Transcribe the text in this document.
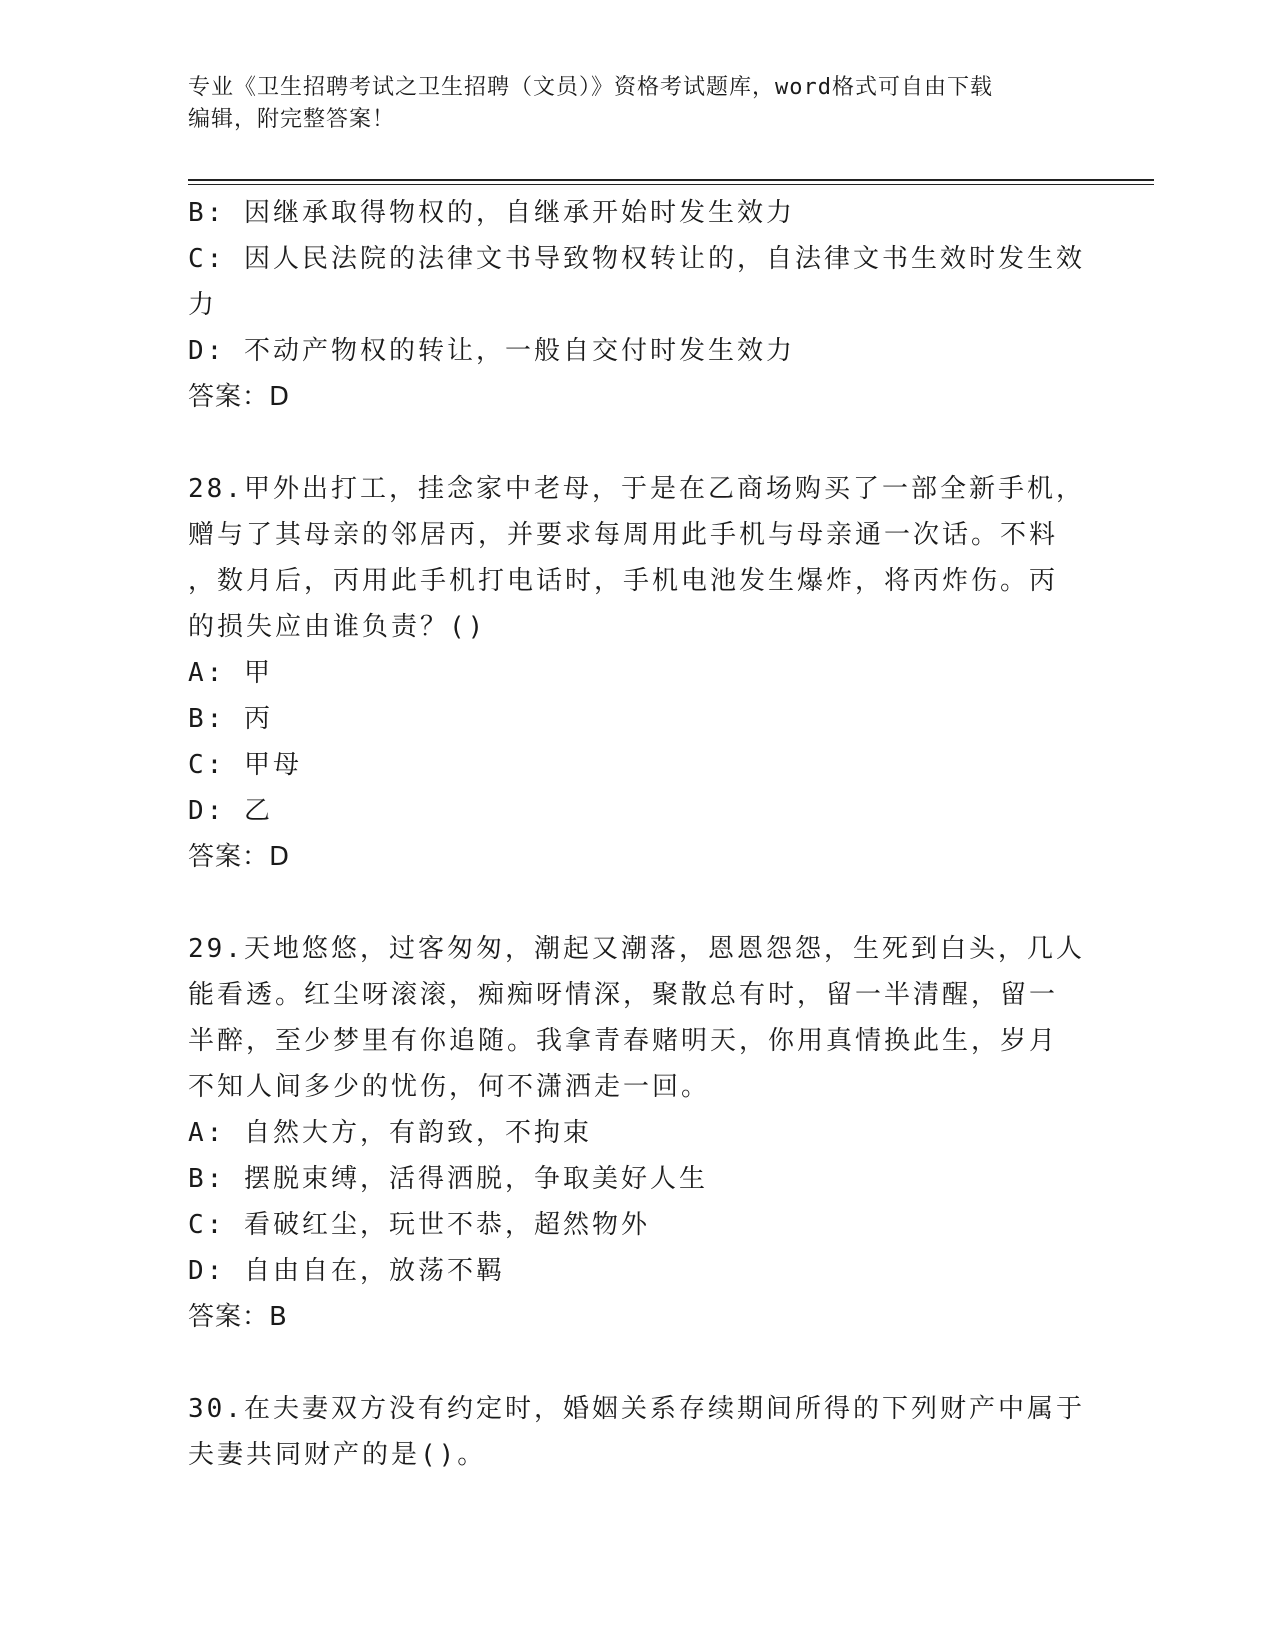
专业《卫生招聘考试之卫生招聘（文员）》资格考试题库，word格式可自由下载
编辑，附完整答案！
B: 因继承取得物权的，自继承开始时发生效力
C: 因人民法院的法律文书导致物权转让的，自法律文书生效时发生效
力
D: 不动产物权的转让，一般自交付时发生效力
答案：D
28.甲外出打工，挂念家中老母，于是在乙商场购买了一部全新手机，
赠与了其母亲的邻居丙，并要求每周用此手机与母亲通一次话。不料
，数月后，丙用此手机打电话时，手机电池发生爆炸，将丙炸伤。丙
的损失应由谁负责？()
A: 甲
B: 丙
C: 甲母
D: 乙
答案：D
29.天地悠悠，过客匆匆，潮起又潮落，恩恩怨怨，生死到白头，几人
能看透。红尘呀滚滚，痴痴呀情深，聚散总有时，留一半清醒，留一
半醉，至少梦里有你追随。我拿青春赌明天，你用真情换此生，岁月
不知人间多少的忧伤，何不潇洒走一回。
A: 自然大方，有韵致，不拘束
B: 摆脱束缚，活得洒脱，争取美好人生
C: 看破红尘，玩世不恭，超然物外
D: 自由自在，放荡不羁
答案：B
30.在夫妻双方没有约定时，婚姻关系存续期间所得的下列财产中属于
夫妻共同财产的是()。
